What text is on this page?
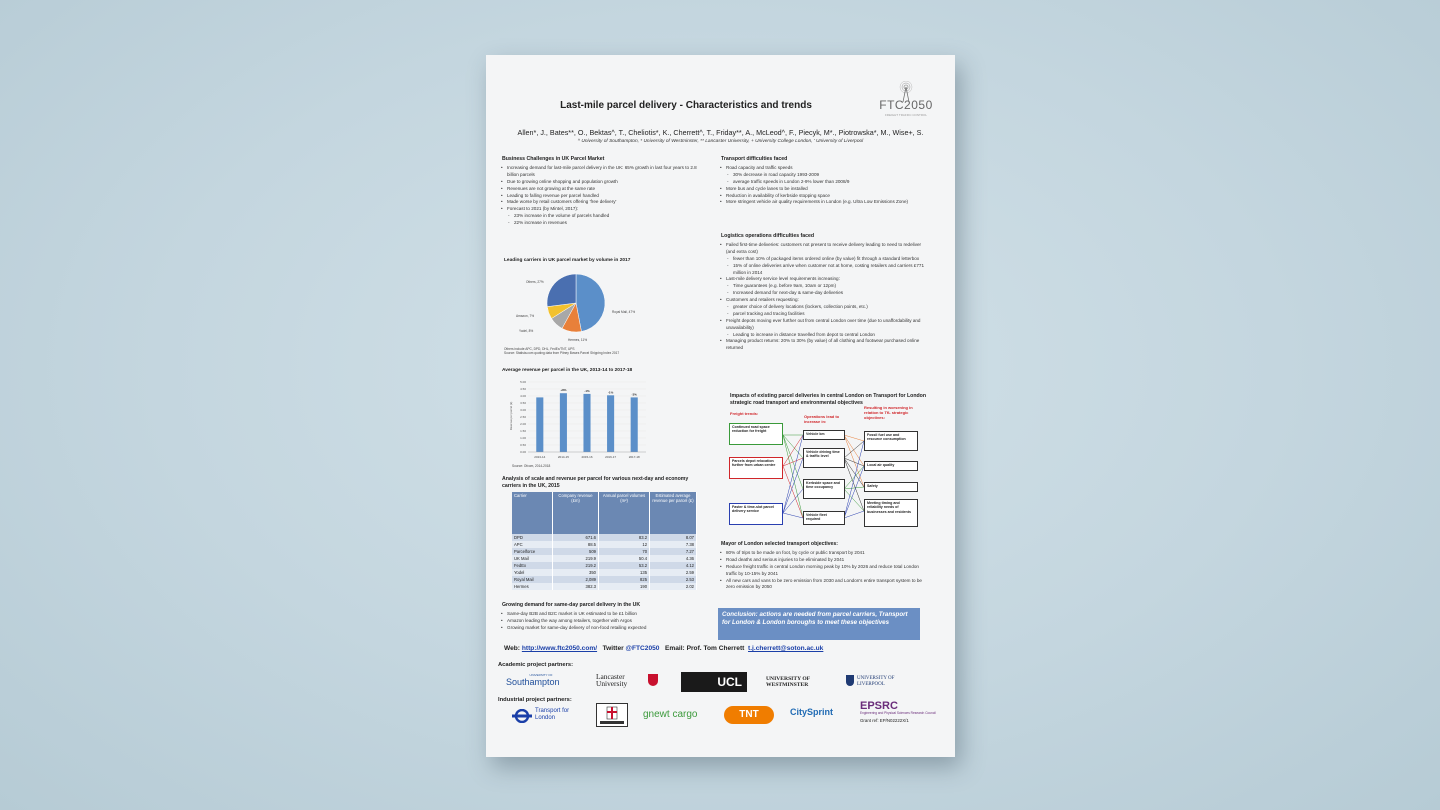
Last-mile parcel delivery - Characteristics and trends	FTC2050
FREIGHT TRAFFIC CONTROL
Allen*, J., Bates**, O., Bektas^, T., Cheliotis*, K., Cherrett^, T., Friday**, A., McLeod^, F., Piecyk, M*., Piotrowska*, M., Wise+, S.
^ University of Southampton, * University of Westminster, ** Lancaster University, + University College London, ' University of Liverpool
Business Challenges in UK Parcel Market
• Increasing demand for last-mile parcel delivery in the UK: 65% growth in last four years to 2.8 billion parcels
• Due to growing online shopping and population growth
• Revenues are not growing at the same rate
• Leading to falling revenue per parcel handled
• Made worse by retail customers offering 'free delivery'
• Forecast to 2021 (by Mintel, 2017):
- 23% increase in the volume of parcels handled
- 22% increase in revenues
Leading carriers in UK parcel market by volume in 2017
Royal Mail, 47%
Hermes, 11%
Yodel, 8%
Amazon, 7%
Others, 27%
Others include APC, DPD, DHL, FedEx/TNT, UPS
Source: Statista.com quoting data from Pitney Bowes Parcel Shipping Index 2017
Average revenue per parcel in the UK, 2013-14 to 2017-18
0.00
0.50
1.00
1.50
2.00
2.50
3.00
3.50
4.00
4.50
5.00
Revenue per parcel (£)
2013-14	2014-15
+8%
2015-16
-1%
2016-17
-1%
2017-18
-3%
Source: Ofcom, 2014-2018
Analysis of scale and revenue per parcel for various next-day and economy carriers in the UK, 2015
Carrier	Company revenue (£m)	Annual parcel volumes (m²)	Estimated average revenue per parcel (£)
DPD	671.6	83.2	8.07
APC	88.5	12	7.38
Parcelforce	509	70	7.27
UK Mail	219.9	50.4	4.36
FedEx	219.2	53.2	4.12
Yodel	350	135	2.59
Royal Mail	2,089	825	2.53
Hermes	382.3	190	2.02
Growing demand for same-day parcel delivery in the UK
• Same-day B2B and B2C market in UK estimated to be £1 billion
• Amazon leading the way among retailers, together with Argos
• Growing market for same-day delivery of non-food retailing expected
Transport difficulties faced
• Road capacity and traffic speeds
- 30% decrease in road capacity 1993-2009
- average traffic speeds in London 2-9% lower than 2008/9
• More bus and cycle lanes to be installed
• Reduction in availability of kerbside stopping space
• More stringent vehicle air quality requirements in London (e.g. Ultra Low Emissions Zone)
Logistics operations difficulties faced
• Failed first-time deliveries: customers not present to receive delivery leading to need to redeliver (and extra cost)
- fewer than 10% of packaged items ordered online (by value) fit through a standard letterbox
- 15% of online deliveries arrive when customer not at home, costing retailers and carriers £771 million in 2014
• Last-mile delivery service level requirements increasing:
- Time guarantees (e.g. before 9am, 10am or 12pm)
- Increased demand for next-day & same-day deliveries
• Customers and retailers requesting:
- greater choice of delivery locations (lockers, collection points, etc.)
- parcel tracking and tracing facilities
• Freight depots moving ever further out from central London over time (due to unaffordability and unavailability)
- Leading to increase in distance travelled from depot to central London
• Managing product returns: 20% to 30% (by value) of all clothing and footwear purchased online returned
Impacts of existing parcel deliveries in central London on Transport for London strategic road transport and environmental objectives
Freight trends:
Operations lead to increase in:
Resulting in worsening in relation to TfL strategic objectives:
Continued road space reduction for freight
Parcels depot relocation further from urban centre
Faster & time-slot parcel delivery service
Vehicle km
Vehicle driving time & traffic level
Kerbside space and time occupancy
Vehicle fleet required
Fossil fuel use and resource consumption
Local air quality
Safety
Meeting timing and reliability needs of businesses and residents
Mayor of London selected transport objectives:
• 80% of trips to be made on foot, by cycle or public transport by 2041
• Road deaths and serious injuries to be eliminated by 2041
• Reduce freight traffic in central London morning peak by 10% by 2026 and reduce total London traffic by 10-15% by 2041
• All new cars and vans to be zero emission from 2030 and London's entire transport system to be zero emission by 2050
Conclusion: actions are needed from parcel carriers, Transport for London & London boroughs to meet these objectives
Web: http://www.ftc2050.com/ Twitter @FTC2050 Email: Prof. Tom Cherrett t.j.cherrett@soton.ac.uk
Academic project partners:
UNIVERSITY OF
Southampton
Lancaster University	UCL	UNIVERSITY OF WESTMINSTER
UNIVERSITY OF LIVERPOOL
Industrial project partners:
Transport for London	gnewt cargo	TNT	CitySprint	EPSRC
Engineering and Physical Sciences Research Council
Grant ref: EP/N02222X/1
